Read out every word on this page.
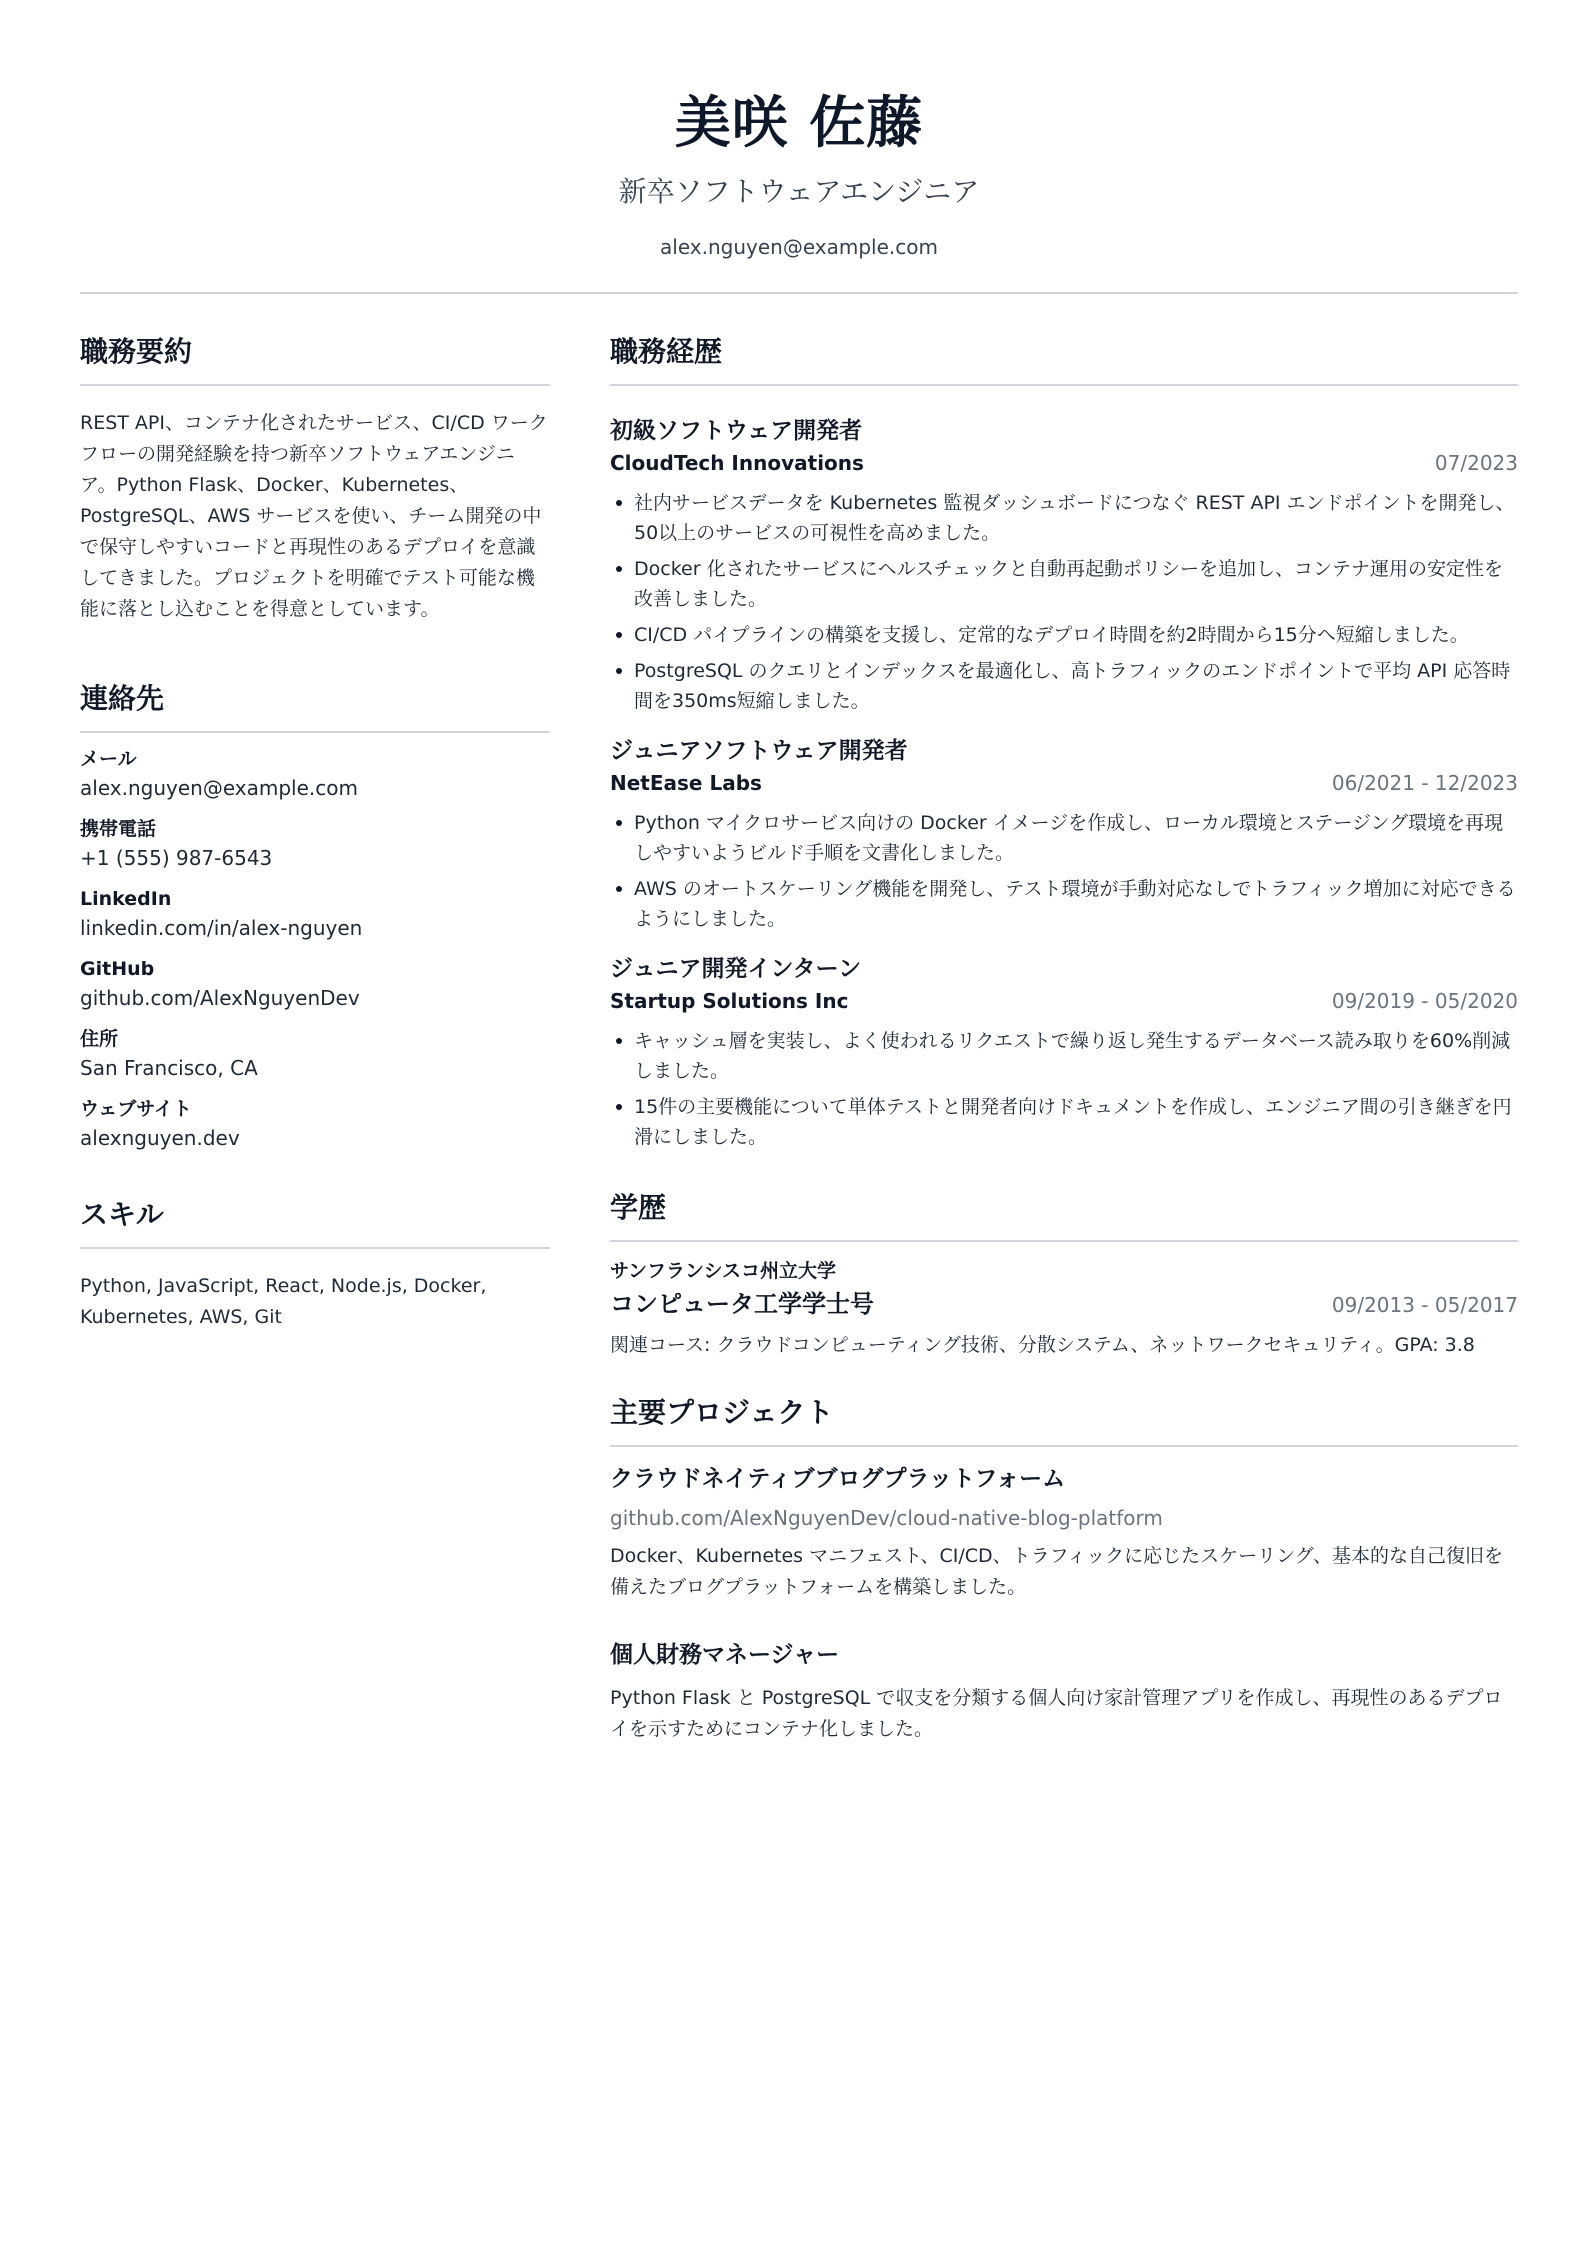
美咲 佐藤
新卒ソフトウェアエンジニア
alex.nguyen@example.com
職務要約

REST API、コンテナ化されたサービス、CI/CD ワークフローの開発経験を持つ新卒ソフトウェアエンジニア。Python Flask、Docker、Kubernetes、PostgreSQL、AWS サービスを使い、チーム開発の中で保守しやすいコードと再現性のあるデプロイを意識してきました。プロジェクトを明確でテスト可能な機能に落とし込むことを得意としています。

連絡先
メール
alex.nguyen@example.com
携帯電話
+1 (555) 987-6543
LinkedIn
linkedin.com/in/alex-nguyen
GitHub
github.com/AlexNguyenDev
住所
San Francisco, CA
ウェブサイト
alexnguyen.dev
スキル

Python, JavaScript, React, Node.js, Docker, Kubernetes, AWS, Git

職務経歴
初級ソフトウェア開発者
CloudTech Innovations	07/2023
社内サービスデータを Kubernetes 監視ダッシュボードにつなぐ REST API エンドポイントを開発し、50以上のサービスの可視性を高めました。
Docker 化されたサービスにヘルスチェックと自動再起動ポリシーを追加し、コンテナ運用の安定性を改善しました。
CI/CD パイプラインの構築を支援し、定常的なデプロイ時間を約2時間から15分へ短縮しました。
PostgreSQL のクエリとインデックスを最適化し、高トラフィックのエンドポイントで平均 API 応答時間を350ms短縮しました。
ジュニアソフトウェア開発者
NetEase Labs	06/2021 - 12/2023
Python マイクロサービス向けの Docker イメージを作成し、ローカル環境とステージング環境を再現しやすいようビルド手順を文書化しました。
AWS のオートスケーリング機能を開発し、テスト環境が手動対応なしでトラフィック増加に対応できるようにしました。
ジュニア開発インターン
Startup Solutions Inc	09/2019 - 05/2020
キャッシュ層を実装し、よく使われるリクエストで繰り返し発生するデータベース読み取りを60%削減しました。
15件の主要機能について単体テストと開発者向けドキュメントを作成し、エンジニア間の引き継ぎを円滑にしました。
学歴
サンフランシスコ州立大学
コンピュータ工学学士号	09/2013 - 05/2017

関連コース: クラウドコンピューティング技術、分散システム、ネットワークセキュリティ。GPA: 3.8

主要プロジェクト
クラウドネイティブブログプラットフォーム
github.com/AlexNguyenDev/cloud-native-blog-platform
Docker、Kubernetes マニフェスト、CI/CD、トラフィックに応じたスケーリング、基本的な自己復旧を備えたブログプラットフォームを構築しました。
個人財務マネージャー
Python Flask と PostgreSQL で収支を分類する個人向け家計管理アプリを作成し、再現性のあるデプロイを示すためにコンテナ化しました。
